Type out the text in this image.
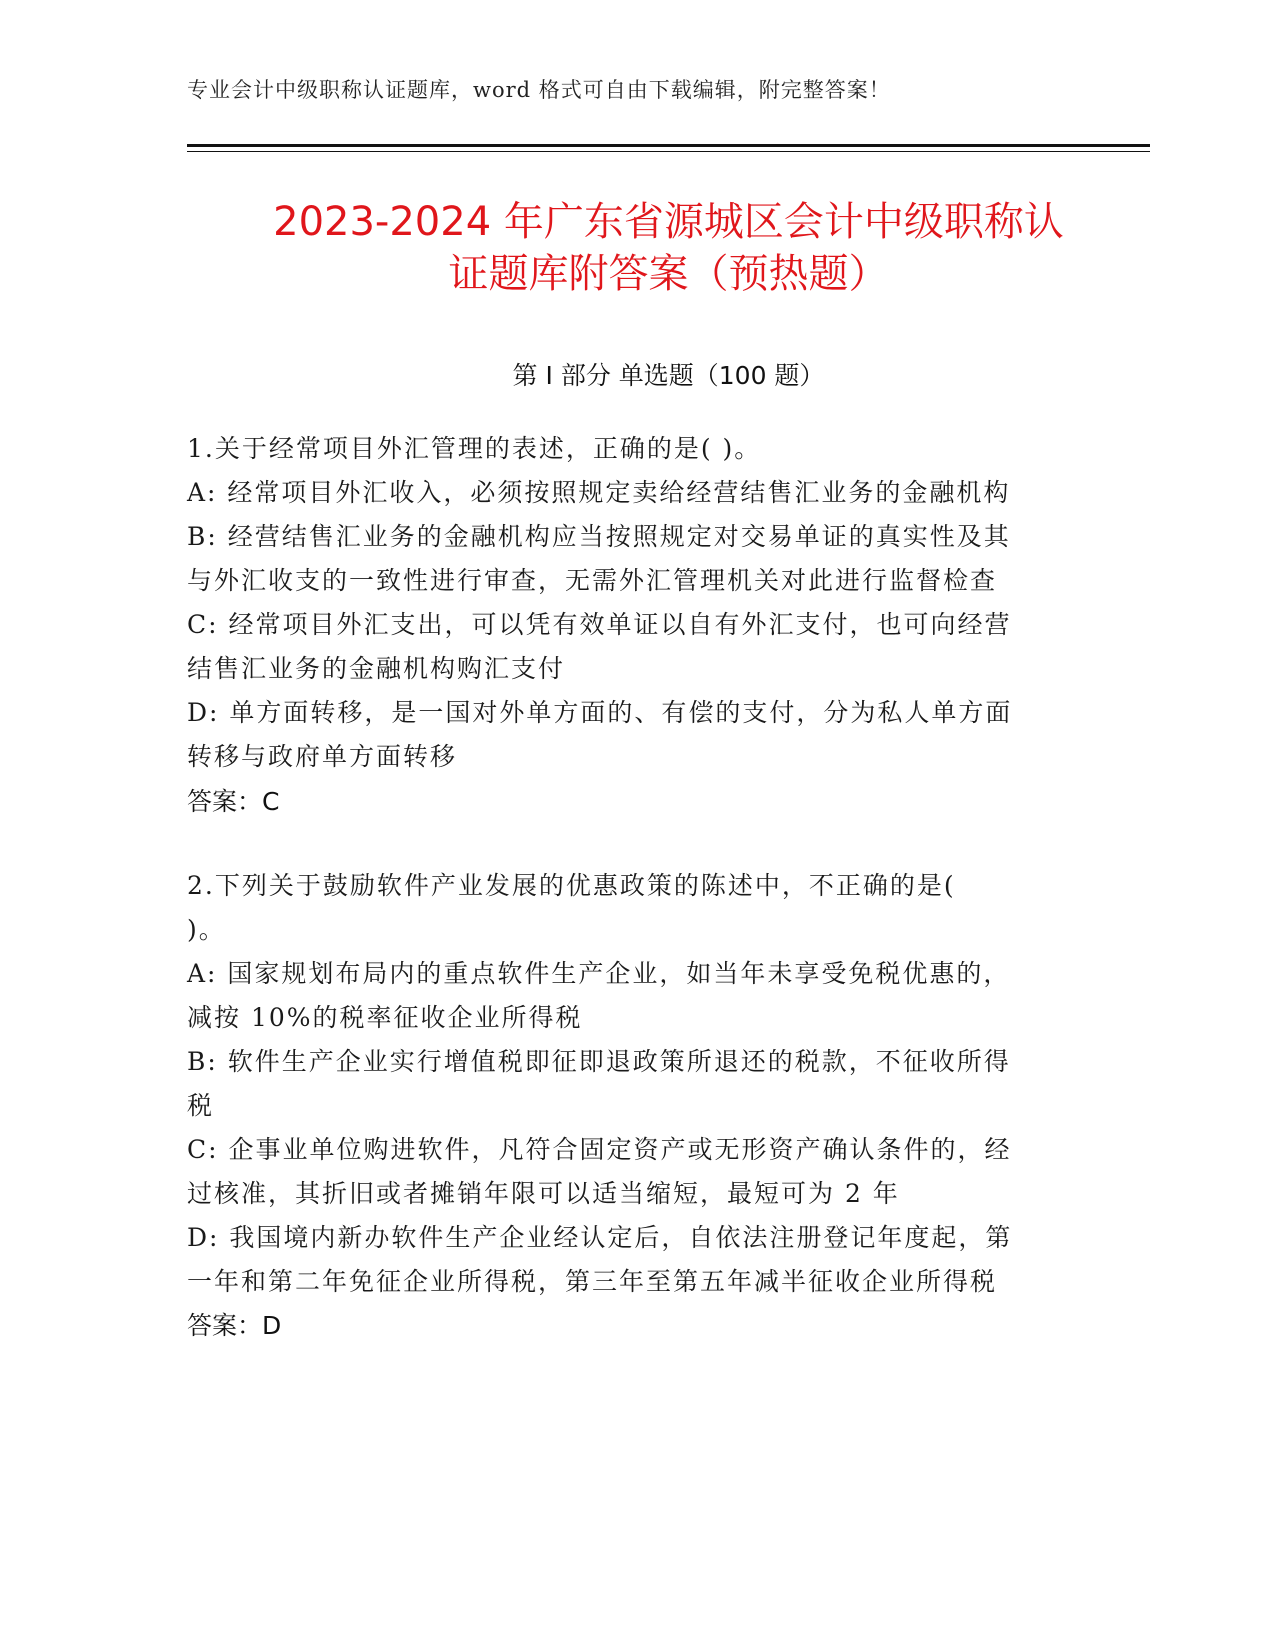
专业会计中级职称认证题库，word 格式可自由下载编辑，附完整答案！
2023-2024 年广东省源城区会计中级职称认
证题库附答案（预热题）
第 I 部分 单选题（100 题）
1.关于经常项目外汇管理的表述，正确的是( )。
A: 经常项目外汇收入，必须按照规定卖给经营结售汇业务的金融机构
B: 经营结售汇业务的金融机构应当按照规定对交易单证的真实性及其
与外汇收支的一致性进行审查，无需外汇管理机关对此进行监督检查
C: 经常项目外汇支出，可以凭有效单证以自有外汇支付，也可向经营
结售汇业务的金融机构购汇支付
D: 单方面转移，是一国对外单方面的、有偿的支付，分为私人单方面
转移与政府单方面转移
答案：C
2.下列关于鼓励软件产业发展的优惠政策的陈述中，不正确的是(
)。
A: 国家规划布局内的重点软件生产企业，如当年未享受免税优惠的，
减按 10%的税率征收企业所得税
B: 软件生产企业实行增值税即征即退政策所退还的税款，不征收所得
税
C: 企事业单位购进软件，凡符合固定资产或无形资产确认条件的，经
过核准，其折旧或者摊销年限可以适当缩短，最短可为 2 年
D: 我国境内新办软件生产企业经认定后，自依法注册登记年度起，第
一年和第二年免征企业所得税，第三年至第五年减半征收企业所得税
答案：D
